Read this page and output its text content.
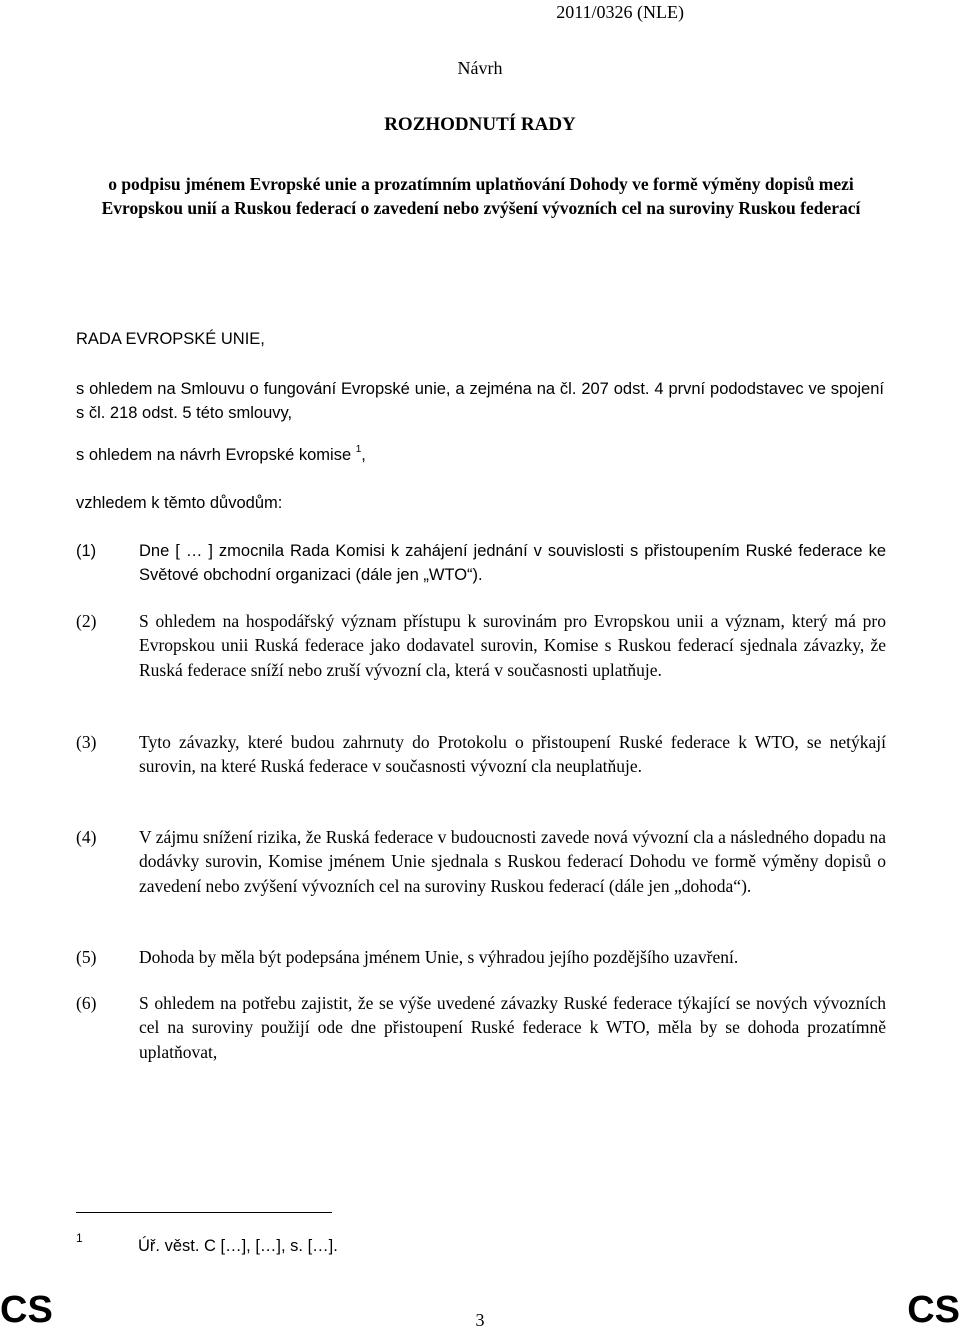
2011/0326 (NLE)
Návrh
ROZHODNUTÍ RADY
o podpisu jménem Evropské unie a prozatímním uplatňování Dohody ve formě výměny dopisů mezi Evropskou unií a Ruskou federací o zavedení nebo zvýšení vývozních cel na suroviny Ruskou federací
RADA EVROPSKÉ UNIE,
s ohledem na Smlouvu o fungování Evropské unie, a zejména na čl. 207 odst. 4 první pododstavec ve spojení s čl. 218 odst. 5 této smlouvy,
s ohledem na návrh Evropské komise $^1$,
vzhledem k těmto důvodům:
(1)	Dne [ … ] zmocnila Rada Komisi k zahájení jednání v souvislosti s přistoupením Ruské federace ke Světové obchodní organizaci (dále jen „WTO“).
(2)	S ohledem na hospodářský význam přístupu k surovinám pro Evropskou unii a význam, který má pro Evropskou unii Ruská federace jako dodavatel surovin, Komise s Ruskou federací sjednala závazky, že Ruská federace sníží nebo zruší vývozní cla, která v současnosti uplatňuje.
(3)	Tyto závazky, které budou zahrnuty do Protokolu o přistoupení Ruské federace k WTO, se netýkají surovin, na které Ruská federace v současnosti vývozní cla neuplatňuje.
(4)	V zájmu snížení rizika, že Ruská federace v budoucnosti zavede nová vývozní cla a následného dopadu na dodávky surovin, Komise jménem Unie sjednala s Ruskou federací Dohodu ve formě výměny dopisů o zavedení nebo zvýšení vývozních cel na suroviny Ruskou federací (dále jen „dohoda“).
(5)	Dohoda by měla být podepsána jménem Unie, s výhradou jejího pozdějšího uzavření.
(6)	S ohledem na potřebu zajistit, že se výše uvedené závazky Ruské federace týkající se nových vývozních cel na suroviny použijí ode dne přistoupení Ruské federace k WTO, měla by se dohoda prozatímně uplatňovat,
1	Úř. věst. C […], […], s. […].
CS	3	CS
